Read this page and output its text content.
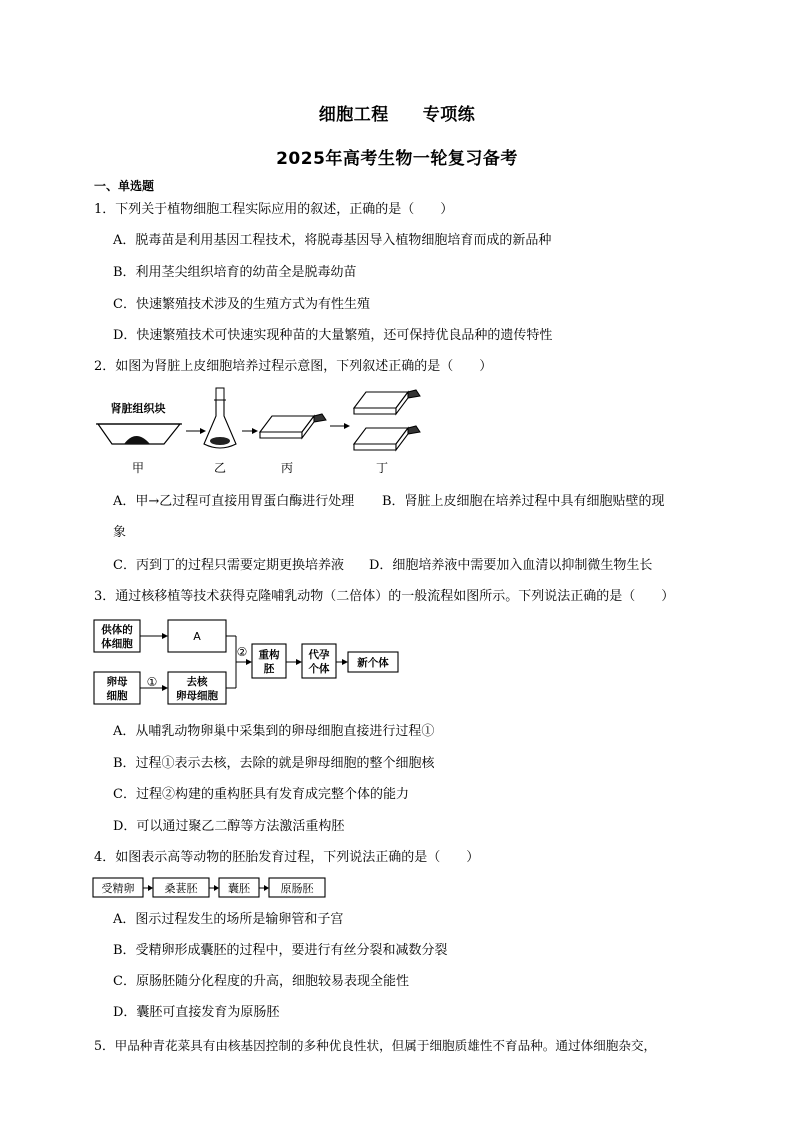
细胞工程 专项练
2025年高考生物一轮复习备考
一、单选题
1．下列关于植物细胞工程实际应用的叙述，正确的是（　　）
A．脱毒苗是利用基因工程技术，将脱毒基因导入植物细胞培育而成的新品种
B．利用茎尖组织培育的幼苗全是脱毒幼苗
C．快速繁殖技术涉及的生殖方式为有性生殖
D．快速繁殖技术可快速实现种苗的大量繁殖，还可保持优良品种的遗传特性
2．如图为肾脏上皮细胞培养过程示意图，下列叙述正确的是（　　）
肾脏组织块
甲	乙	丙	丁
A．甲→乙过程可直接用胃蛋白酶进行处理 B．肾脏上皮细胞在培养过程中具有细胞贴壁的现
象
C．丙到丁的过程只需要定期更换培养液 D．细胞培养液中需要加入血清以抑制微生物生长
3．通过核移植等技术获得克隆哺乳动物（二倍体）的一般流程如图所示。下列说法正确的是（　　）
供体的
体细胞
A
卵母
细胞
①	去核
卵母细胞
② 重构
胚
代孕
个体	新个体
A．从哺乳动物卵巢中采集到的卵母细胞直接进行过程①
B．过程①表示去核，去除的就是卵母细胞的整个细胞核
C．过程②构建的重构胚具有发育成完整个体的能力
D．可以通过聚乙二醇等方法激活重构胚
4．如图表示高等动物的胚胎发育过程，下列说法正确的是（　　）
受精卵	桑葚胚	囊胚	原肠胚
A．图示过程发生的场所是输卵管和子宫
B．受精卵形成囊胚的过程中，要进行有丝分裂和减数分裂
C．原肠胚随分化程度的升高，细胞较易表现全能性
D．囊胚可直接发育为原肠胚
5．甲品种青花菜具有由核基因控制的多种优良性状，但属于细胞质雄性不育品种。通过体细胞杂交，
